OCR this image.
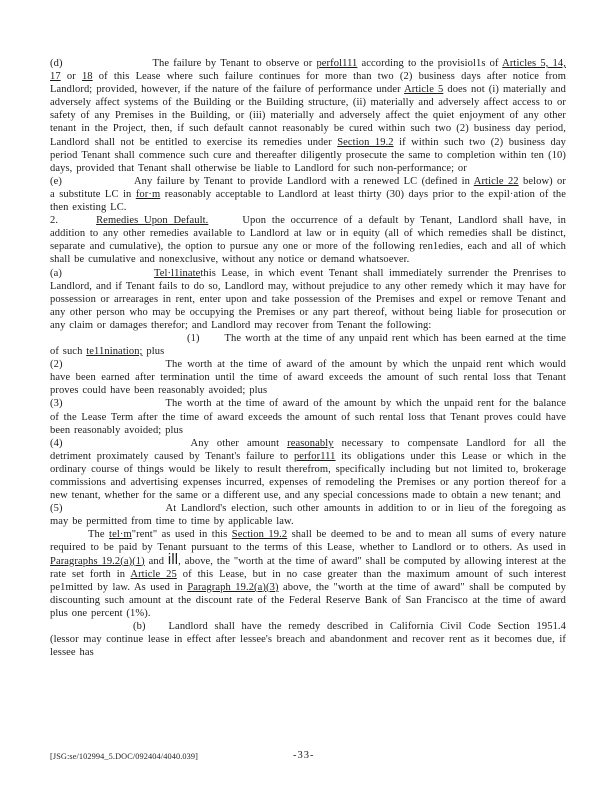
(d)	The failure by Tenant to observe or perfol111 according to the provisiol1s of Articles 5, 14, 17 or 18 of this Lease where such failure continues for more than two (2) business days after notice from Landlord; provided, however, if the nature of the failure of performance under Article 5 does not (i) materially and adversely affect systems of the Building or the Building structure, (ii) materially and adversely affect access to or safety of any Premises in the Building, or (iii) materially and adversely affect the quiet enjoyment of any other tenant in the Project, then, if such default cannot reasonably be cured within such two (2) business day period, Landlord shall not be entitled to exercise its remedies under Section 19.2 if within such two (2) business day period Tenant shall commence such cure and thereafter diligently prosecute the same to completion within ten (10) days, provided that Tenant shall otherwise be liable to Landlord for such non-performance; or

(e)	Any failure by Tenant to provide Landlord with a renewed LC (defined in Article 22 below) or a substitute LC in for·m reasonably acceptable to Landlord at least thirty (30) days prior to the expil·ation of the then existing LC.

2.	Remedies Upon Default.	Upon the occurrence of a default by Tenant, Landlord shall have, in addition to any other remedies available to Landlord at law or in equity (all of which remedies shall be distinct, separate and cumulative), the option to pursue any one or more of the following ren1edies, each and all of which shall be cumulative and nonexclusive, without any notice or demand whatsoever.

(a)	Tel·l1inatethis Lease, in which event Tenant shall immediately surrender the Prenrises to Landlord, and if Tenant fails to do so, Landlord may, without prejudice to any other remedy which it may have for possession or arrearages in rent, enter upon and take possession of the Premises and expel or remove Tenant and any other person who may be occupying the Premises or any part thereof, without being liable for prosecution or any claim or damages therefor; and Landlord may recover from Tenant the following:

(1) The worth at the time of any unpaid rent which has been earned at the time of such te11nination; plus

(2)	The worth at the time of award of the amount by which the unpaid rent which would have been earned after termination until the time of award exceeds the amount of such rental loss that Tenant proves could have been reasonably avoided; plus

(3)	The worth at the time of award of the amount by which the unpaid rent for the balance of the Lease Term after the time of award exceeds the amount of such rental loss that Tenant proves could have been reasonably avoided; plus

(4)	Any other amount reasonably necessary to compensate Landlord for all the detriment proximately caused by Tenant's failure to perfor111 its obligations under this Lease or which in the ordinary course of things would be likely to result therefrom, specifically including but not limited to, brokerage commissions and advertising expenses incurred, expenses of remodeling the Premises or any portion thereof for a new tenant, whether for the same or a different use, and any special concessions made to obtain a new tenant; and

(5)	At Landlord's election, such other amounts in addition to or in lieu of the foregoing as may be permitted from time to time by applicable law.

The tel·m"rent" as used in this Section 19.2 shall be deemed to be and to mean all sums of every nature required to be paid by Tenant pursuant to the terms of this Lease, whether to Landlord or to others. As used in Paragraphs 19.2(a)(1) and ill, above, the "worth at the time of award" shall be computed by allowing interest at the rate set forth in Article 25 of this Lease, but in no case greater than the maximum amount of such interest pe1mitted by law. As used in Paragraph 19.2(a)(3) above, the "worth at the time of award" shall be computed by discounting such amount at the discount rate of the Federal Reserve Bank of San Francisco at the time of award plus one percent (1%).

(b) Landlord shall have the remedy described in California Civil Code Section 1951.4 (lessor may continue lease in effect after lessee's breach and abandonment and recover rent as it becomes due, if lessee has

[JSG:se/102994_5.DOC/092404/4040.039]	-33-
